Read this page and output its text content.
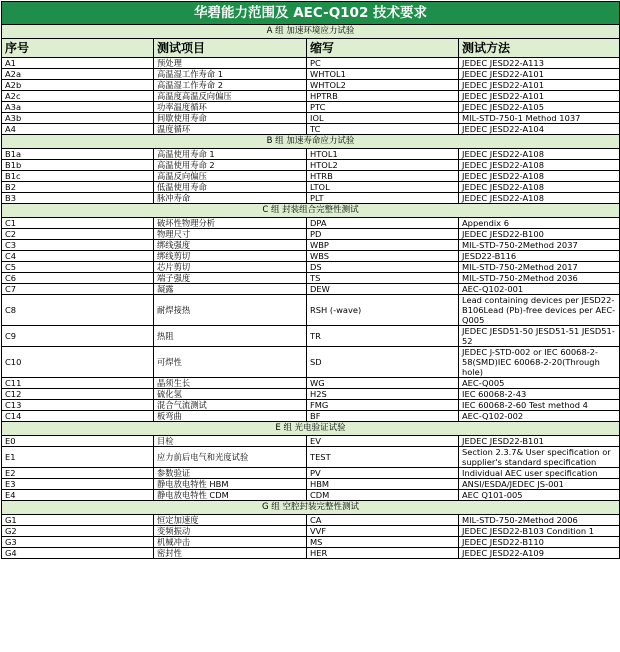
华碧能力范围及 AEC-Q102 技术要求			
A 组 加速环境应力试验			
序号	测试项目	缩写	测试方法
A1	预处理	PC	JEDEC JESD22-A113
A2a	高温湿工作寿命 1	WHTOL1	JEDEC JESD22-A101
A2b	高温湿工作寿命 2	WHTOL2	JEDEC JESD22-A101
A2c	高温度高温反向偏压	HPTRB	JEDEC JESD22-A101
A3a	功率温度循环	PTC	JEDEC JESD22-A105
A3b	间歇使用寿命	IOL	MIL-STD-750-1 Method 1037
A4	温度循环	TC	JEDEC JESD22-A104
B 组 加速寿命应力试验			
B1a	高温使用寿命 1	HTOL1	JEDEC JESD22-A108
B1b	高温使用寿命 2	HTOL2	JEDEC JESD22-A108
B1c	高温反向偏压	HTRB	JEDEC JESD22-A108
B2	低温使用寿命	LTOL	JEDEC JESD22-A108
B3	脉冲寿命	PLT	JEDEC JESD22-A108
C 组 封装组合完整性测试			
C1	破坏性物理分析	DPA	Appendix 6
C2	物理尺寸	PD	JEDEC JESD22-B100
C3	绑线强度	WBP	MIL-STD-750-2Method 2037
C4	绑线剪切	WBS	JESD22-B116
C5	芯片剪切	DS	MIL-STD-750-2Method 2017
C6	端子强度	TS	MIL-STD-750-2Method 2036
C7	凝露	DEW	AEC-Q102-001
C8	耐焊接热	RSH (-wave)	Lead containing devices per JESD22-B106Lead (Pb)-free devices per AEC-Q005
C9	热阻	TR	JEDEC JESD51-50 JESD51-51 JESD51-52
C10	可焊性	SD	JEDEC J-STD-002 or IEC 60068-2-58(SMD)IEC 60068-2-20(Through hole)
C11	晶须生长	WG	AEC-Q005
C12	硫化氢	H2S	IEC 60068-2-43
C13	混合气流测试	FMG	IEC 60068-2-60 Test method 4
C14	板弯曲	BF	AEC-Q102-002
E 组 光电验证试验			
E0	目检	EV	JEDEC JESD22-B101
E1	应力前后电气和光度试验	TEST	Section 2.3.7& User specification or supplier's standard specification
E2	参数验证	PV	Individual AEC user specification
E3	静电放电特性 HBM	HBM	ANSI/ESDA/JEDEC JS-001
E4	静电放电特性 CDM	CDM	AEC Q101-005
G 组 空腔封装完整性测试			
G1	恒定加速度	CA	MIL-STD-750-2Method 2006
G2	变频振动	VVF	JEDEC JESD22-B103 Condition 1
G3	机械冲击	MS	JEDEC JESD22-B110
G4	密封性	HER	JEDEC JESD22-A109
